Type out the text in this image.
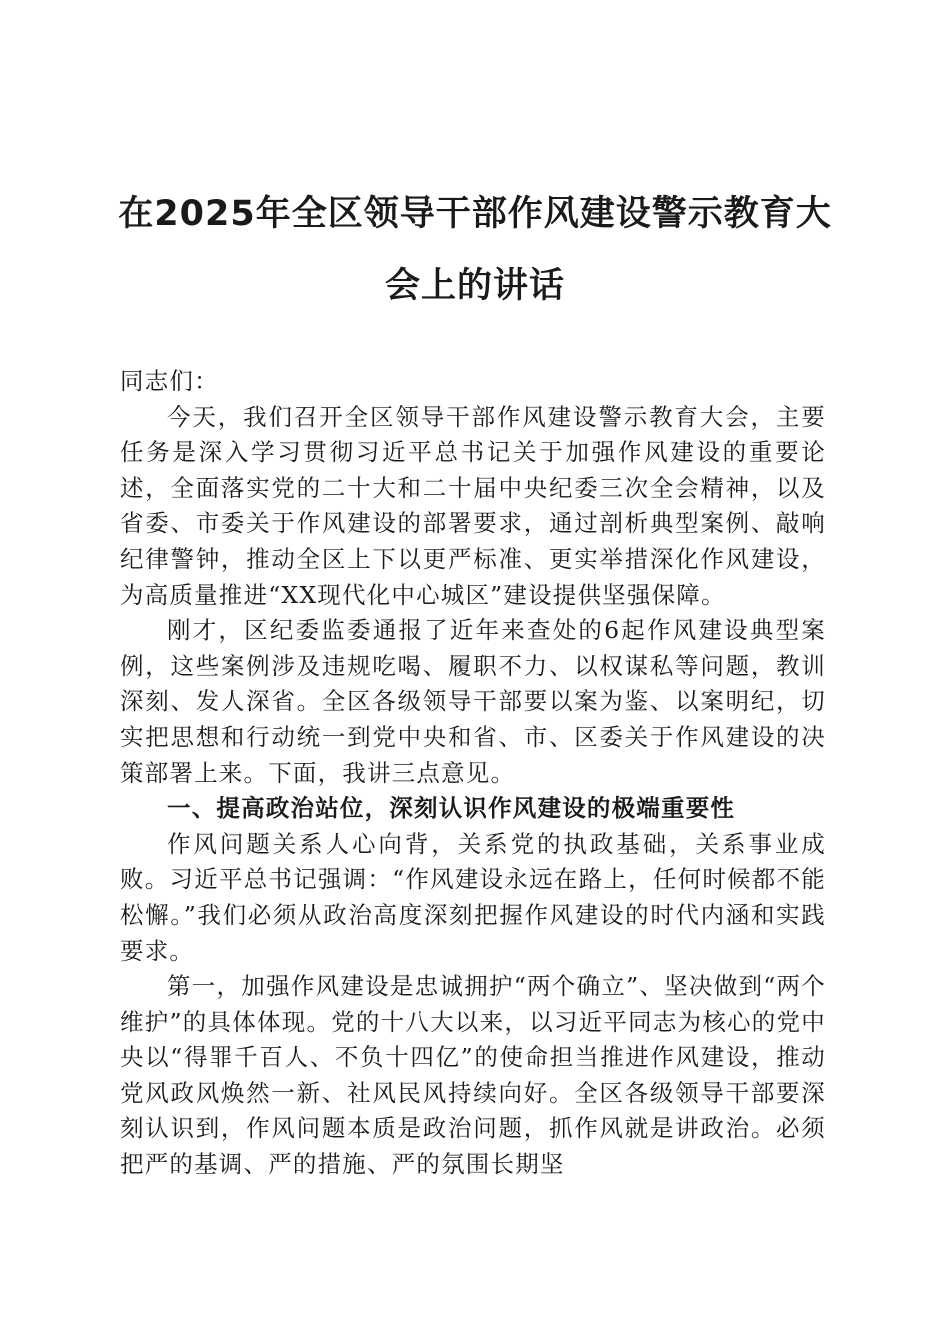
在2025年全区领导干部作风建设警示教育大
会上的讲话

同志们：

今天，我们召开全区领导干部作风建设警示教育大会，主要任务是深入学习贯彻习近平总书记关于加强作风建设的重要论述，全面落实党的二十大和二十届中央纪委三次全会精神，以及省委、市委关于作风建设的部署要求，通过剖析典型案例、敲响纪律警钟，推动全区上下以更严标准、更实举措深化作风建设，为高质量推进“XX现代化中心城区”建设提供坚强保障。

刚才，区纪委监委通报了近年来查处的6起作风建设典型案例，这些案例涉及违规吃喝、履职不力、以权谋私等问题，教训深刻、发人深省。全区各级领导干部要以案为鉴、以案明纪，切实把思想和行动统一到党中央和省、市、区委关于作风建设的决策部署上来。下面，我讲三点意见。

一、提高政治站位，深刻认识作风建设的极端重要性

作风问题关系人心向背，关系党的执政基础，关系事业成败。习近平总书记强调：“作风建设永远在路上，任何时候都不能松懈。”我们必须从政治高度深刻把握作风建设的时代内涵和实践要求。

第一，加强作风建设是忠诚拥护“两个确立”、坚决做到“两个维护”的具体体现。党的十八大以来，以习近平同志为核心的党中央以“得罪千百人、不负十四亿”的使命担当推进作风建设，推动党风政风焕然一新、社风民风持续向好。全区各级领导干部要深刻认识到，作风问题本质是政治问题，抓作风就是讲政治。必须把严的基调、严的措施、严的氛围长期坚
